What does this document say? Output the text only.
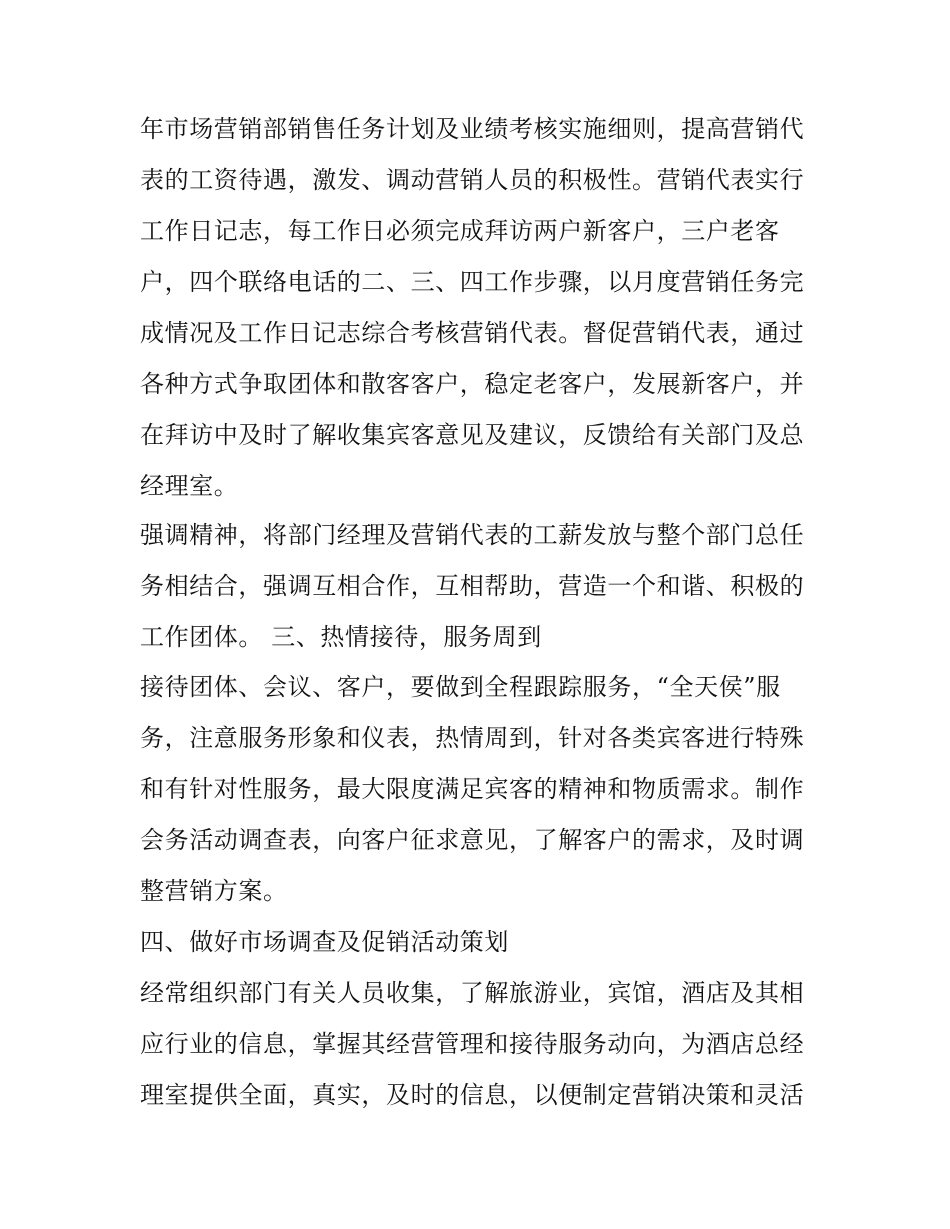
年市场营销部销售任务计划及业绩考核实施细则，提高营销代
表的工资待遇，激发、调动营销人员的积极性。营销代表实行
工作日记志，每工作日必须完成拜访两户新客户，三户老客
户，四个联络电话的二、三、四工作步骤，以月度营销任务完
成情况及工作日记志综合考核营销代表。督促营销代表，通过
各种方式争取团体和散客客户，稳定老客户，发展新客户，并
在拜访中及时了解收集宾客意见及建议，反馈给有关部门及总
经理室。
强调精神，将部门经理及营销代表的工薪发放与整个部门总任
务相结合，强调互相合作，互相帮助，营造一个和谐、积极的
工作团体。 三、热情接待，服务周到
接待团体、会议、客户，要做到全程跟踪服务，“全天侯”服
务，注意服务形象和仪表，热情周到，针对各类宾客进行特殊
和有针对性服务，最大限度满足宾客的精神和物质需求。制作
会务活动调查表，向客户征求意见，了解客户的需求，及时调
整营销方案。
四、做好市场调查及促销活动策划
经常组织部门有关人员收集，了解旅游业，宾馆，酒店及其相
应行业的信息，掌握其经营管理和接待服务动向，为酒店总经
理室提供全面，真实，及时的信息，以便制定营销决策和灵活
